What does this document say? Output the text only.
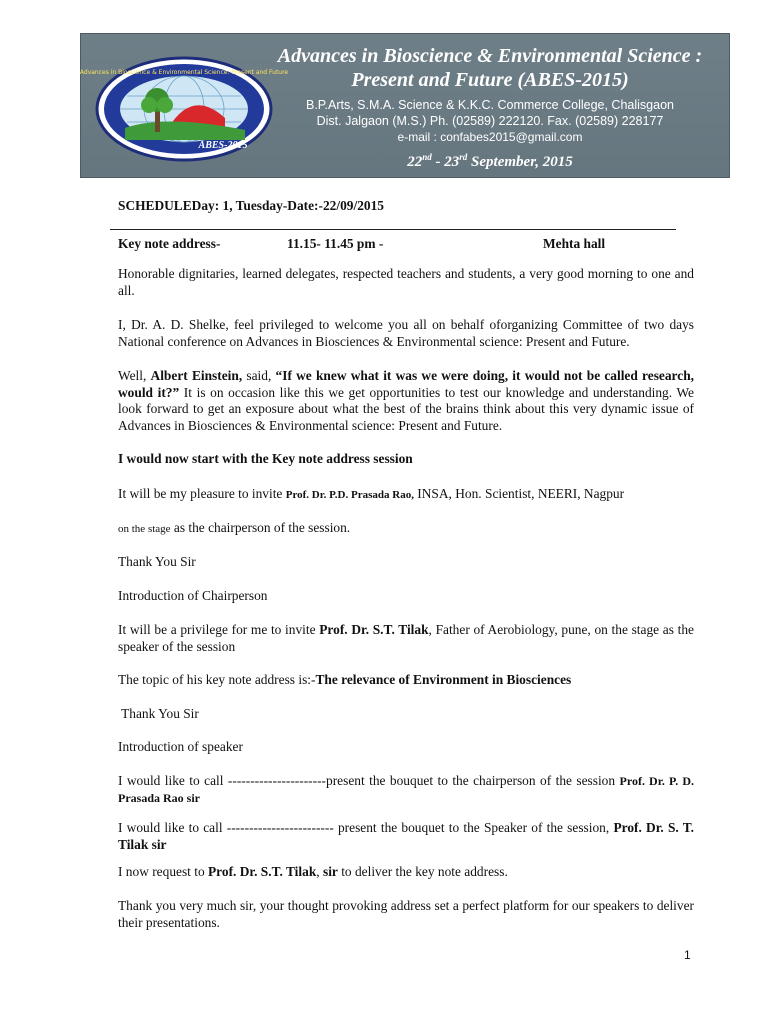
Advances in Bioscience & Environmental Science: Present and Future
ABES-2015
Advances in Bioscience & Environmental Science :
Present and Future (ABES-2015)
B.P.Arts, S.M.A. Science & K.K.C. Commerce College, Chalisgaon
Dist. Jalgaon (M.S.) Ph. (02589) 222120. Fax. (02589) 228177
e-mail : confabes2015@gmail.com
22nd - 23rd September, 2015
SCHEDULEDay: 1, Tuesday-Date:-22/09/2015
Key note address-	11.15- 11.45 pm -	Mehta hall
Honorable dignitaries, learned delegates, respected teachers and students, a very good morning to one and all.
I, Dr. A. D. Shelke, feel privileged to welcome you all on behalf oforganizing Committee of two days National conference on Advances in Biosciences & Environmental science: Present and Future.
Well, Albert Einstein, said, “If we knew what it was we were doing, it would not be called research, would it?” It is on occasion like this we get opportunities to test our knowledge and understanding. We look forward to get an exposure about what the best of the brains think about this very dynamic issue of Advances in Biosciences & Environmental science: Present and Future.
I would now start with the Key note address session
It will be my pleasure to invite Prof. Dr. P.D. Prasada Rao, INSA, Hon. Scientist, NEERI, Nagpur
on the stage as the chairperson of the session.
Thank You Sir
Introduction of Chairperson
It will be a privilege for me to invite Prof. Dr. S.T. Tilak, Father of Aerobiology, pune, on the stage as the speaker of the session
The topic of his key note address is:-The relevance of Environment in Biosciences
Thank You Sir
Introduction of speaker
I would like to call ----------------------present the bouquet to the chairperson of the session Prof. Dr. P. D. Prasada Rao sir
I would like to call ------------------------ present the bouquet to the Speaker of the session, Prof. Dr. S. T. Tilak sir
I now request to Prof. Dr. S.T. Tilak, sir to deliver the key note address.
Thank you very much sir, your thought provoking address set a perfect platform for our speakers to deliver their presentations.
1
